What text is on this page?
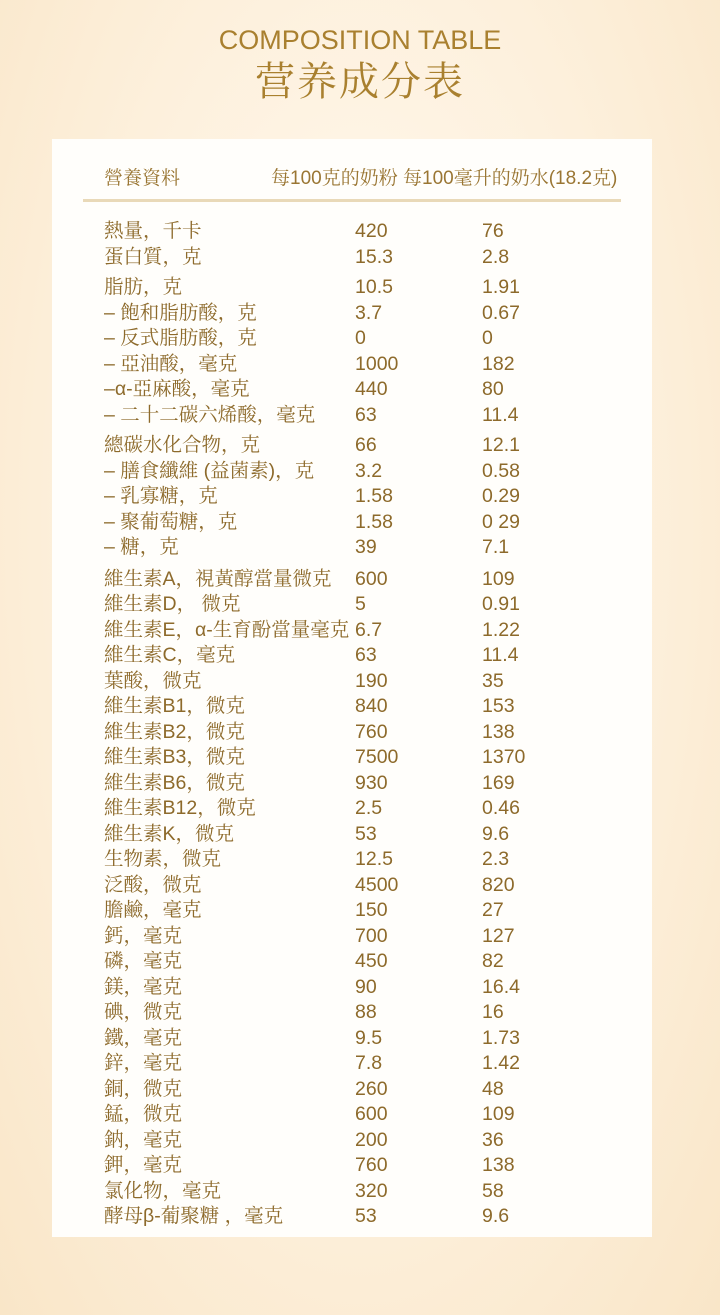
COMPOSITION TABLE
营养成分表
營養資料	每100克的奶粉 每100毫升的奶水(18.2克)
熱量，千卡	420	76
蛋白質，克	15.3	2.8
脂肪，克	10.5	1.91
– 飽和脂肪酸，克	3.7	0.67
– 反式脂肪酸，克	0	0
– 亞油酸，毫克	1000	182
–α-亞麻酸，毫克	440	80
– 二十二碳六烯酸，毫克 63	11.4
總碳水化合物，克	66	12.1
– 膳食纖維 (益菌素)，克 3.2	0.58
– 乳寡糖，克	1.58	0.29
– 聚葡萄糖，克	1.58	0 29
– 糖，克	39	7.1
維生素A，視黃醇當量微克 600	109
維生素D， 微克	5	0.91
維生素E，α-生育酚當量毫克 6.7	1.22
維生素C，毫克	63	11.4
葉酸，微克	190	35
維生素B1，微克	840	153
維生素B2，微克	760	138
維生素B3，微克	7500	1370
維生素B6，微克	930	169
維生素B12，微克	2.5	0.46
維生素K，微克	53	9.6
生物素，微克	12.5	2.3
泛酸，微克	4500	820
膽鹼，毫克	150	27
鈣，毫克	700	127
磷，毫克	450	82
鎂，毫克	90	16.4
碘，微克	88	16
鐵，毫克	9.5	1.73
鋅，毫克	7.8	1.42
銅，微克	260	48
錳，微克	600	109
鈉，毫克	200	36
鉀，毫克	760	138
氯化物，毫克	320	58
酵母β-葡聚糖 ，毫克	53	9.6
